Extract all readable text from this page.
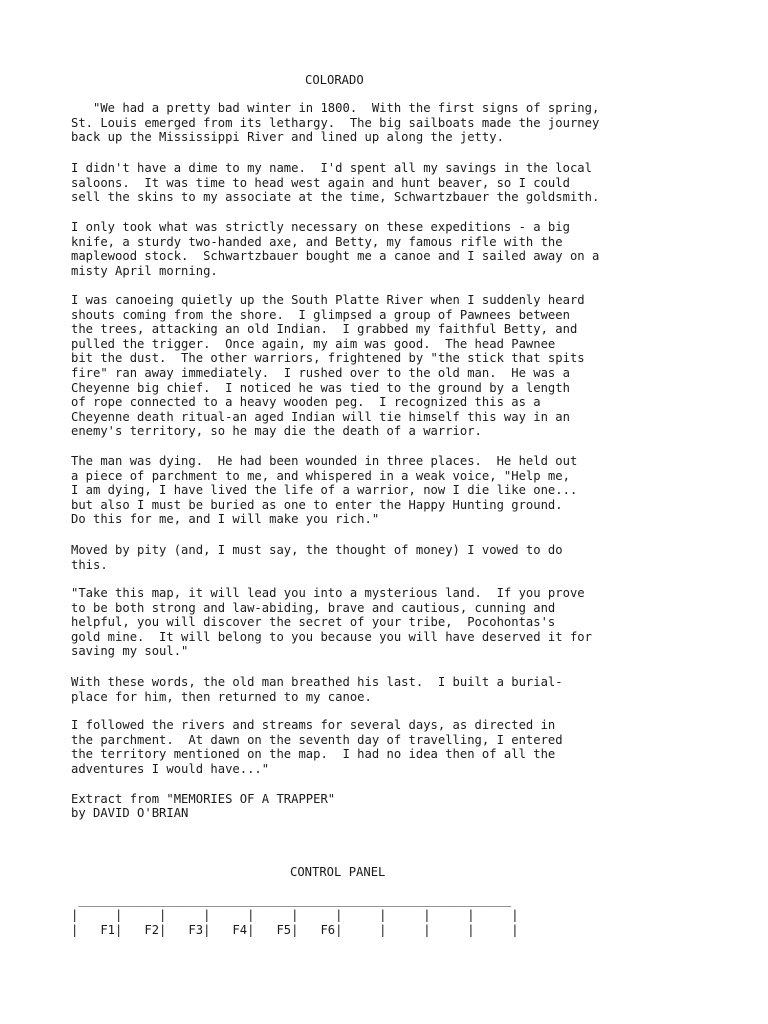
COLORADO
"We had a pretty bad winter in 1800.  With the first signs of spring,
St. Louis emerged from its lethargy.  The big sailboats made the journey
back up the Mississippi River and lined up along the jetty.
I didn't have a dime to my name.  I'd spent all my savings in the local
saloons.  It was time to head west again and hunt beaver, so I could
sell the skins to my associate at the time, Schwartzbauer the goldsmith.
I only took what was strictly necessary on these expeditions - a big
knife, a sturdy two-handed axe, and Betty, my famous rifle with the
maplewood stock.  Schwartzbauer bought me a canoe and I sailed away on a
misty April morning.
I was canoeing quietly up the South Platte River when I suddenly heard
shouts coming from the shore.  I glimpsed a group of Pawnees between
the trees, attacking an old Indian.  I grabbed my faithful Betty, and
pulled the trigger.  Once again, my aim was good.  The head Pawnee
bit the dust.  The other warriors, frightened by "the stick that spits
fire" ran away immediately.  I rushed over to the old man.  He was a
Cheyenne big chief.  I noticed he was tied to the ground by a length
of rope connected to a heavy wooden peg.  I recognized this as a
Cheyenne death ritual-an aged Indian will tie himself this way in an
enemy's territory, so he may die the death of a warrior.
The man was dying.  He had been wounded in three places.  He held out
a piece of parchment to me, and whispered in a weak voice, "Help me,
I am dying, I have lived the life of a warrior, now I die like one...
but also I must be buried as one to enter the Happy Hunting ground.
Do this for me, and I will make you rich."
Moved by pity (and, I must say, the thought of money) I vowed to do
this.
"Take this map, it will lead you into a mysterious land.  If you prove
to be both strong and law-abiding, brave and cautious, cunning and
helpful, you will discover the secret of your tribe,  Pocohontas's
gold mine.  It will belong to you because you will have deserved it for
saving my soul."
With these words, the old man breathed his last.  I built a burial-
place for him, then returned to my canoe.
I followed the rivers and streams for several days, as directed in
the parchment.  At dawn on the seventh day of travelling, I entered
the territory mentioned on the map.  I had no idea then of all the
adventures I would have..."
Extract from "MEMORIES OF A TRAPPER"
by DAVID O'BRIAN
CONTROL PANEL
___________________________________________________________
|     |     |     |     |     |     |     |     |     |     |
|   F1|   F2|   F3|   F4|   F5|   F6|     |     |     |     |
